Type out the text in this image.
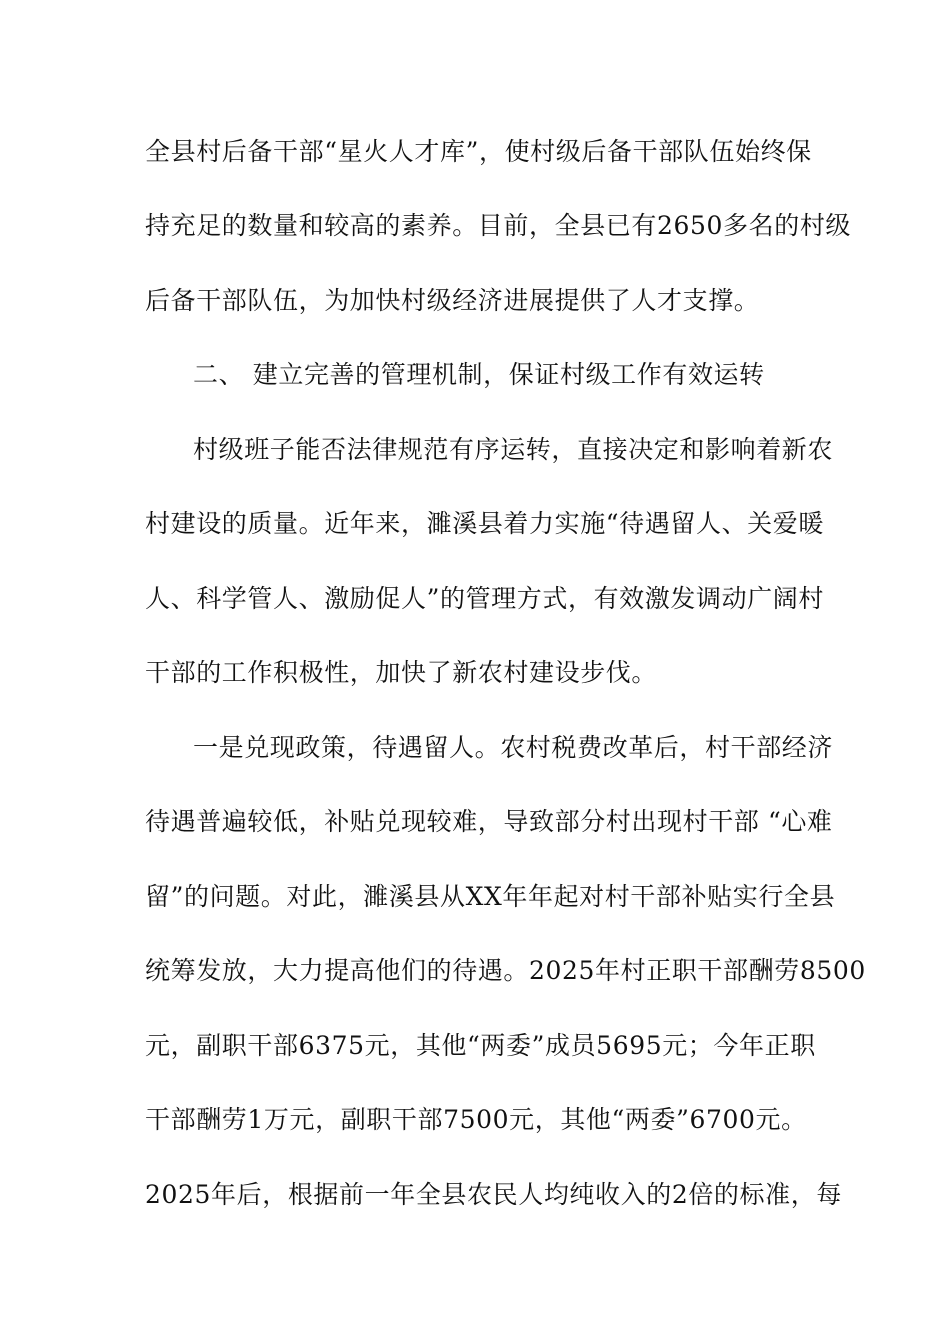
全县村后备干部“星火人才库”，使村级后备干部队伍始终保
持充足的数量和较高的素养。目前，全县已有2650多名的村级
后备干部队伍，为加快村级经济进展提供了人才支撑。
二、 建立完善的管理机制，保证村级工作有效运转
村级班子能否法律规范有序运转，直接决定和影响着新农
村建设的质量。近年来，濉溪县着力实施“待遇留人、关爱暖
人、科学管人、激励促人”的管理方式，有效激发调动广阔村
干部的工作积极性，加快了新农村建设步伐。
一是兑现政策，待遇留人。农村税费改革后，村干部经济
待遇普遍较低，补贴兑现较难，导致部分村出现村干部 “心难
留”的问题。对此，濉溪县从XX年年起对村干部补贴实行全县
统筹发放，大力提高他们的待遇。2025年村正职干部酬劳8500
元，副职干部6375元，其他“两委”成员5695元；今年正职
干部酬劳1万元，副职干部7500元，其他“两委”6700元。
2025年后，根据前一年全县农民人均纯收入的2倍的标准，每
